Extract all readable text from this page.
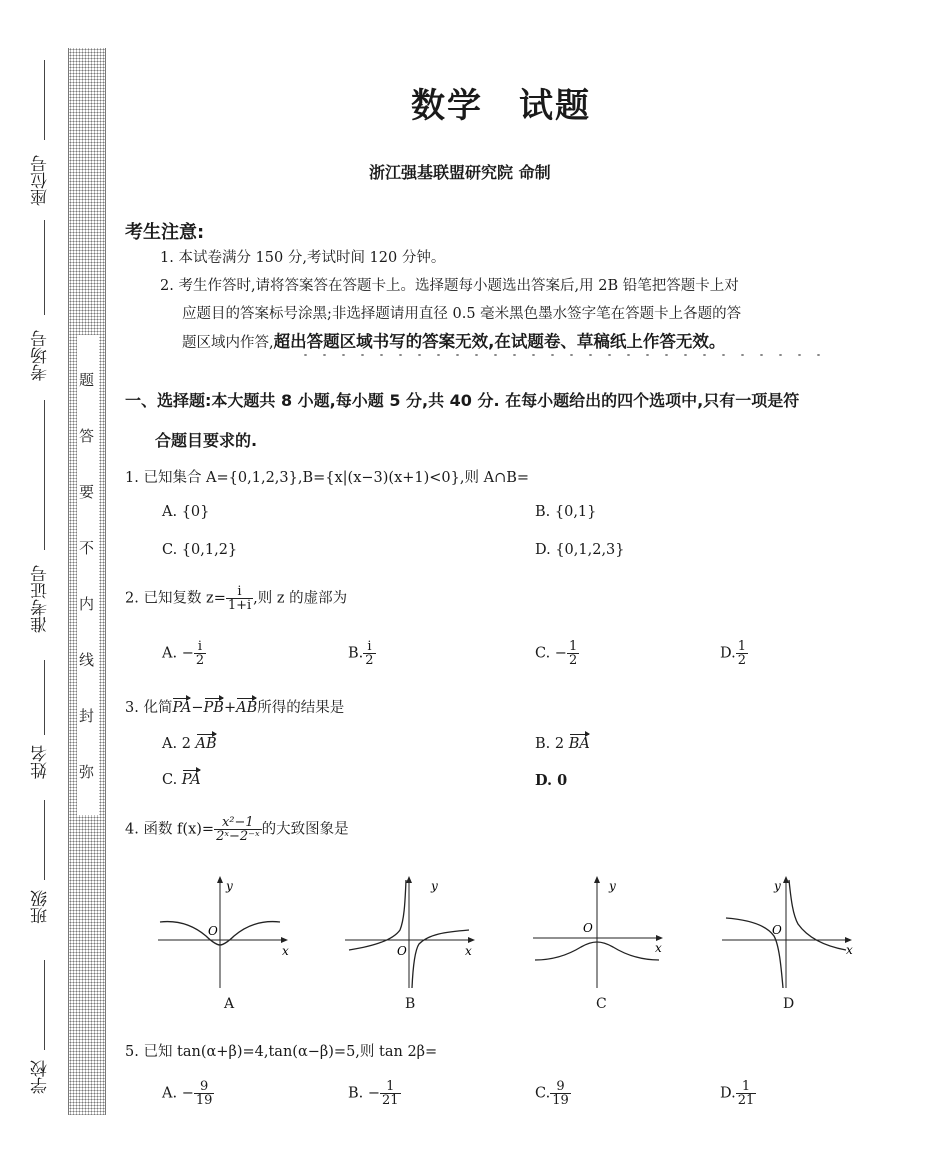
题
答
要
不
内
线
封
弥
座位号
考场号
准考证号
姓名
班级
学校
数学　试题
浙江强基联盟研究院 命制
考生注意:
1. 本试卷满分 150 分,考试时间 120 分钟。
2. 考生作答时,请将答案答在答题卡上。选择题每小题选出答案后,用 2B 铅笔把答题卡上对
应题目的答案标号涂黑;非选择题请用直径 0.5 毫米黑色墨水签字笔在答题卡上各题的答
题区域内作答,超出答题区域书写的答案无效,在试题卷、草稿纸上作答无效。
一、选择题:本大题共 8 小题,每小题 5 分,共 40 分. 在每小题给出的四个选项中,只有一项是符
合题目要求的.
1. 已知集合 A={0,1,2,3},B={x|(x−3)(x+1)<0},则 A∩B=
A. {0}	B. {0,1}
C. {0,1,2}	D. {0,1,2,3}
2. 已知复数 $z= \frac{i}{1+i}$ ,则 z 的虚部为
A. − $\frac{i}{2}$	B. $\frac{i}{2}$	C. − $\frac{1}{2}$	D. $\frac{1}{2}$
3. 化简PA−PB+AB所得的结果是
A. 2 AB	B. 2 BA
C. PA	D. 0
4. 函数 $f(x)= \frac{\text{x²−1}}{\text{2ˣ−2⁻ˣ}}$ 的大致图象是
O
y
x
A
O
y
x
B
O
y
x
C
O
y
x
D
5. 已知 tan(α+β)=4,tan(α−β)=5,则 tan 2β=
A. − $\frac{9}{19}$	B. − $\frac{1}{21}$	C. $\frac{9}{19}$	D. $\frac{1}{21}$
